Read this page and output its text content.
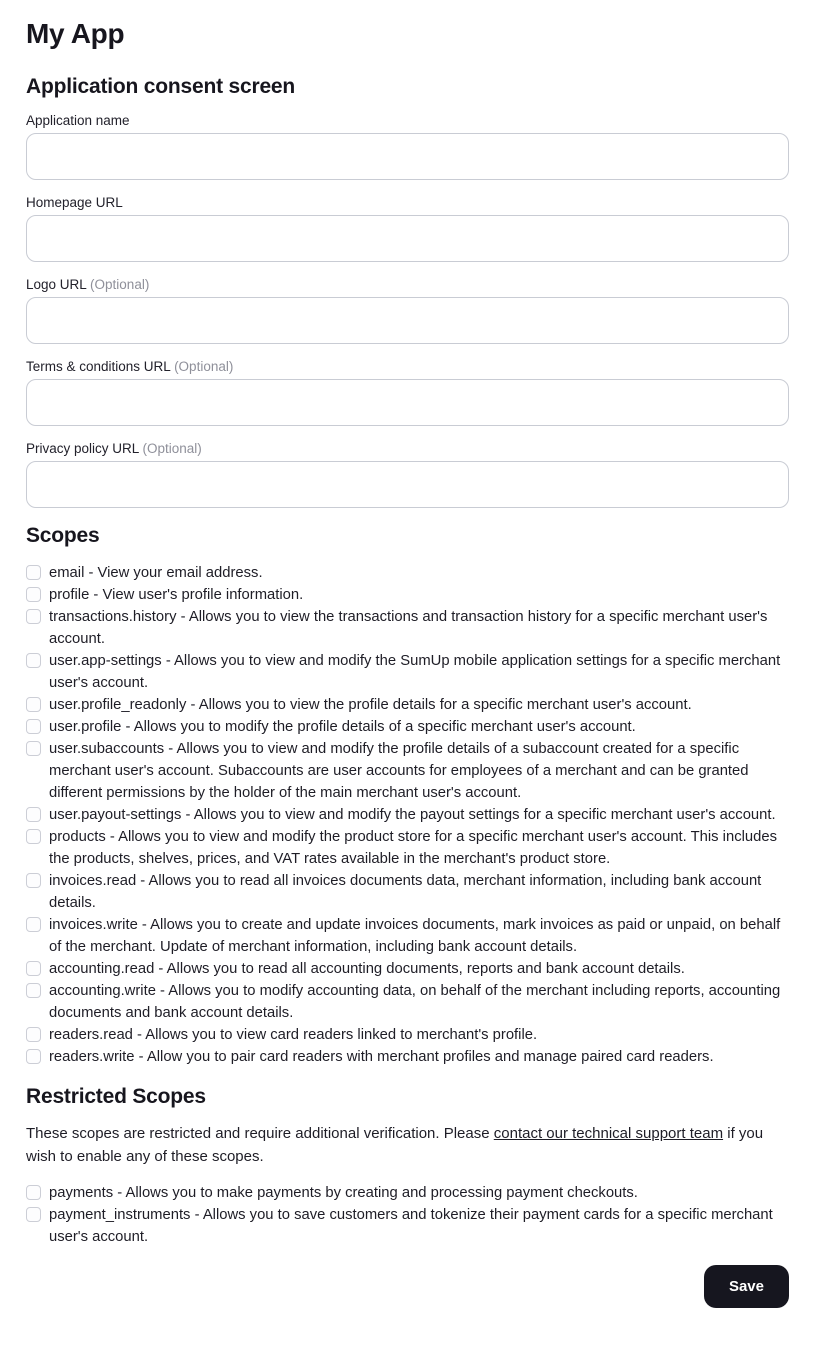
My App
Application consent screen
Application name
Homepage URL
Logo URL (Optional)
Terms & conditions URL (Optional)
Privacy policy URL (Optional)
Scopes
email - View your email address.
profile - View user's profile information.
transactions.history - Allows you to view the transactions and transaction history for a specific merchant user's account.
user.app-settings - Allows you to view and modify the SumUp mobile application settings for a specific merchant user's account.
user.profile_readonly - Allows you to view the profile details for a specific merchant user's account.
user.profile - Allows you to modify the profile details of a specific merchant user's account.
user.subaccounts - Allows you to view and modify the profile details of a subaccount created for a specific merchant user's account. Subaccounts are user accounts for employees of a merchant and can be granted different permissions by the holder of the main merchant user's account.
user.payout-settings - Allows you to view and modify the payout settings for a specific merchant user's account.
products - Allows you to view and modify the product store for a specific merchant user's account. This includes the products, shelves, prices, and VAT rates available in the merchant's product store.
invoices.read - Allows you to read all invoices documents data, merchant information, including bank account details.
invoices.write - Allows you to create and update invoices documents, mark invoices as paid or unpaid, on behalf of the merchant. Update of merchant information, including bank account details.
accounting.read - Allows you to read all accounting documents, reports and bank account details.
accounting.write - Allows you to modify accounting data, on behalf of the merchant including reports, accounting documents and bank account details.
readers.read - Allows you to view card readers linked to merchant's profile.
readers.write - Allow you to pair card readers with merchant profiles and manage paired card readers.
Restricted Scopes

These scopes are restricted and require additional verification. Please contact our technical support team if you wish to enable any of these scopes.

payments - Allows you to make payments by creating and processing payment checkouts.
payment_instruments - Allows you to save customers and tokenize their payment cards for a specific merchant user's account.
Save
